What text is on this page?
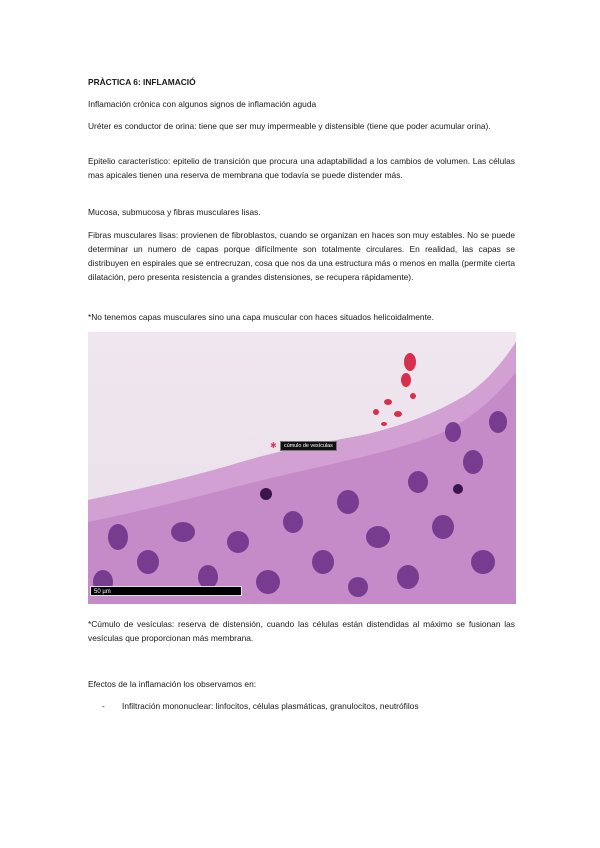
PRÀCTICA 6: INFLAMACIÓ

Inflamación crónica con algunos signos de inflamación aguda

Uréter es conductor de orina: tiene que ser muy impermeable y distensible (tiene que poder acumular orina).

Epitelio característico: epitelio de transición que procura una adaptabilidad a los cambios de volumen. Las células mas apicales tienen una reserva de membrana que todavía se puede distender más.

Mucosa, submucosa y fibras musculares lisas.

Fibras musculares lisas: provienen de fibroblastos, cuando se organizan en haces son muy estables. No se puede determinar un numero de capas porque difícilmente son totalmente circulares. En realidad, las capas se distribuyen en espirales que se entrecruzan, cosa que nos da una estructura más o menos en malla (permite cierta dilatación, pero presenta resistencia a grandes distensiones, se recupera rápidamente).

*No tenemos capas musculares sino una capa muscular con haces situados helicoidalmente.

✱	cúmulo de vesículas
50 µm

*Cúmulo de vesículas: reserva de distensión, cuando las células están distendidas al máximo se fusionan las vesículas que proporcionan más membrana.

Efectos de la inflamación los observamos en:

- Infiltración mononuclear: linfocitos, células plasmáticas, granulocitos, neutrófilos
